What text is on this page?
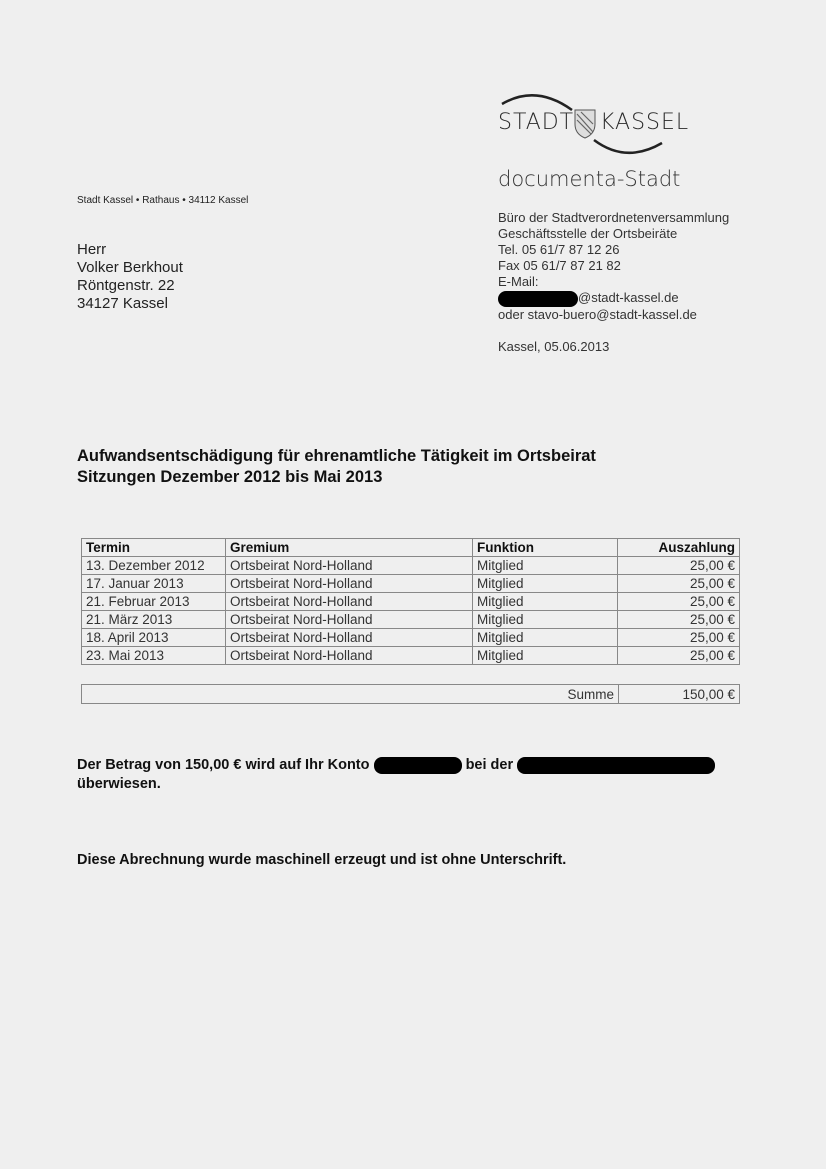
STADT KASSEL
documenta-Stadt
Büro der Stadtverordnetenversammlung
Geschäftsstelle der Ortsbeiräte
Tel. 05 61/7 87 12 26
Fax 05 61/7 87 21 82
E-Mail:
@stadt-kassel.de
oder stavo-buero@stadt-kassel.de
Kassel, 05.06.2013
Stadt Kassel • Rathaus • 34112 Kassel
Herr
Volker Berkhout
Röntgenstr. 22
34127 Kassel
Aufwandsentschädigung für ehrenamtliche Tätigkeit im Ortsbeirat
Sitzungen Dezember 2012 bis Mai 2013
Termin	Gremium	Funktion	Auszahlung
13. Dezember 2012	Ortsbeirat Nord-Holland	Mitglied	25,00 €
17. Januar 2013	Ortsbeirat Nord-Holland	Mitglied	25,00 €
21. Februar 2013	Ortsbeirat Nord-Holland	Mitglied	25,00 €
21. März 2013	Ortsbeirat Nord-Holland	Mitglied	25,00 €
18. April 2013	Ortsbeirat Nord-Holland	Mitglied	25,00 €
23. Mai 2013	Ortsbeirat Nord-Holland	Mitglied	25,00 €
Summe	150,00 €
Der Betrag von 150,00 € wird auf Ihr Konto	bei der
überwiesen.
Diese Abrechnung wurde maschinell erzeugt und ist ohne Unterschrift.
